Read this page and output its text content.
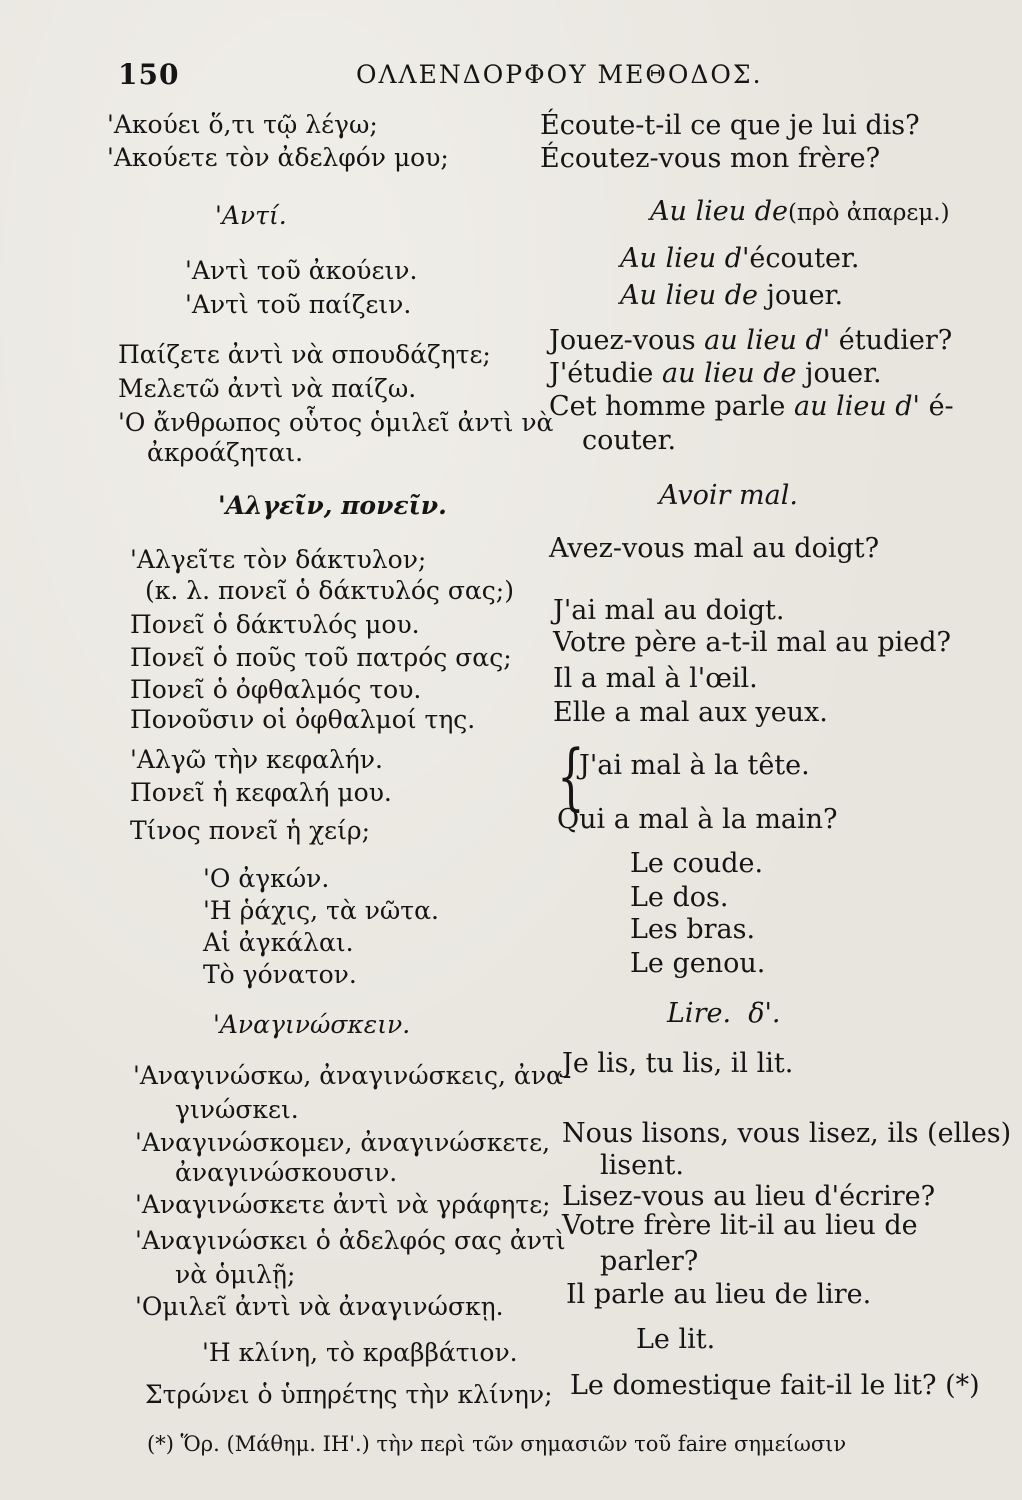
150	ΟΛΛΕΝΔΟΡΦΟΥ ΜΕΘΟΔΟΣ.
'Ακούει ὅ,τι τῷ λέγω;
'Ακούετε τὸν ἀδελφόν μου;
'Αντί.
'Αντὶ τοῦ ἀκούειν.
'Αντὶ τοῦ παίζειν.
Παίζετε ἀντὶ νὰ σπουδάζητε;
Μελετῶ ἀντὶ νὰ παίζω.
'Ο ἄνθρωπος οὗτος ὁμιλεῖ ἀντὶ νὰ
ἀκροάζηται.
'Αλγεῖν, πονεῖν.
'Αλγεῖτε τὸν δάκτυλον;
(κ. λ. πονεῖ ὁ δάκτυλός σας;)
Πονεῖ ὁ δάκτυλός μου.
Πονεῖ ὁ ποῦς τοῦ πατρός σας;
Πονεῖ ὁ ὀφθαλμός του.
Πονοῦσιν οἱ ὀφθαλμοί της.
'Αλγῶ τὴν κεφαλήν.
Πονεῖ ἡ κεφαλή μου.
Τίνος πονεῖ ἡ χείρ;
'Ο ἀγκών.
'Η ῥάχις, τὰ νῶτα.
Αἱ ἀγκάλαι.
Τὸ γόνατον.
'Αναγινώσκειν.
'Αναγινώσκω, ἀναγινώσκεις, ἀνα-
γινώσκει.
'Αναγινώσκομεν, ἀναγινώσκετε,
ἀναγινώσκουσιν.
'Αναγινώσκετε ἀντὶ νὰ γράφητε;
'Αναγινώσκει ὁ ἀδελφός σας ἀντὶ
νὰ ὁμιλῇ;
'Ομιλεῖ ἀντὶ νὰ ἀναγινώσκῃ.
'Η κλίνη, τὸ κραββάτιον.
Στρώνει ὁ ὑπηρέτης τὴν κλίνην;
Écoute-t-il ce que je lui dis?
Écoutez-vous mon frère?
Au lieu de(πρὸ ἀπαρεμ.)
Au lieu d'écouter.
Au lieu de jouer.
Jouez-vous au lieu d' étudier?
J'étudie au lieu de jouer.
Cet homme parle au lieu d' é-
couter.
Avoir mal.
Avez-vous mal au doigt?
J'ai mal au doigt.
Votre père a-t-il mal au pied?
Il a mal à l'œil.
Elle a mal aux yeux.
{
J'ai mal à la tête.
Qui a mal à la main?
Le coude.
Le dos.
Les bras.
Le genou.
Lire. δ'.
Je lis, tu lis, il lit.
Nous lisons, vous lisez, ils (elles)
lisent.
Lisez-vous au lieu d'écrire?
Votre frère lit-il au lieu de
parler?
Il parle au lieu de lire.
Le lit.
Le domestique fait-il le lit? (*)
(*) Ὅρ. (Μάθημ. ΙΗ'.) τὴν περὶ τῶν σημασιῶν τοῦ faire σημείωσιν
